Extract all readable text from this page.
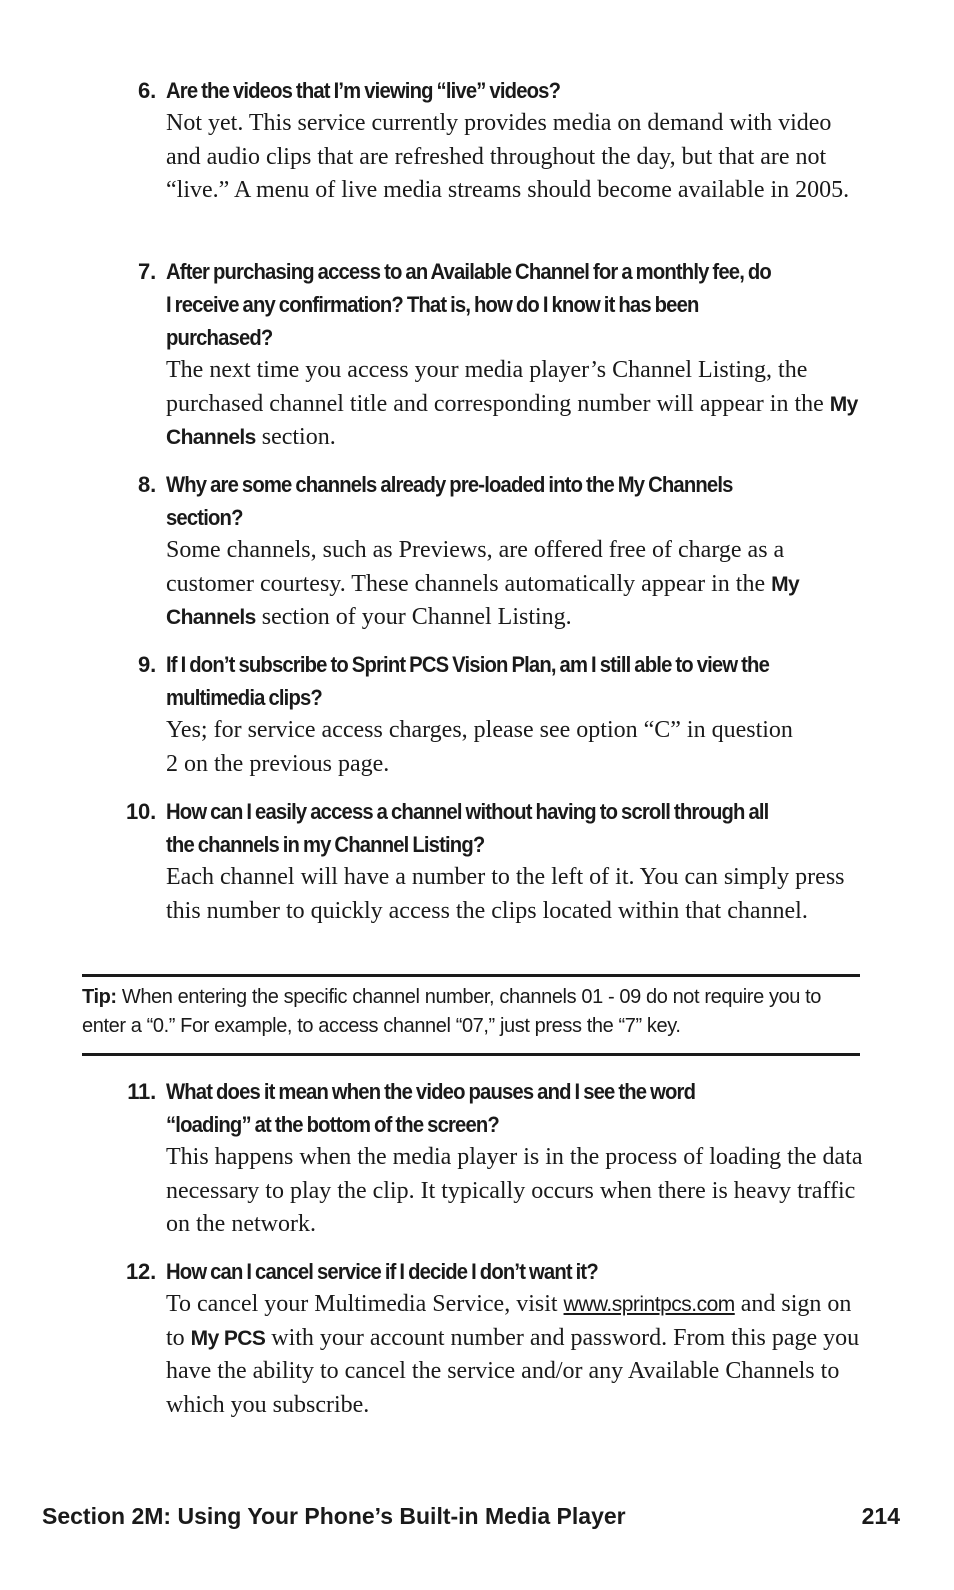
6. Are the videos that I’m viewing “live” videos?
Not yet. This service currently provides media on demand with video and audio clips that are refreshed throughout the day, but that are not “live.” A menu of live media streams should become available in 2005.
7. After purchasing access to an Available Channel for a monthly fee, do
I receive any confirmation? That is, how do I know it has been
purchased?
The next time you access your media player’s Channel Listing, the purchased channel title and corresponding number will appear in the My Channels section.
8. Why are some channels already pre-loaded into the My Channels
section?
Some channels, such as Previews, are offered free of charge as a customer courtesy. These channels automatically appear in the My Channels section of your Channel Listing.
9. If I don’t subscribe to Sprint PCS Vision Plan, am I still able to view the
multimedia clips?
Yes; for service access charges, please see option “C” in question 2 on the previous page.
10. How can I easily access a channel without having to scroll through all
the channels in my Channel Listing?
Each channel will have a number to the left of it. You can simply press this number to quickly access the clips located within that channel.
Tip: When entering the specific channel number, channels 01 - 09 do not require you to enter a “0.” For example, to access channel “07,” just press the “7” key.
11. What does it mean when the video pauses and I see the word
“loading” at the bottom of the screen?
This happens when the media player is in the process of loading the data necessary to play the clip. It typically occurs when there is heavy traffic on the network.
12. How can I cancel service if I decide I don’t want it?
To cancel your Multimedia Service, visit www.sprintpcs.com and sign on to My PCS with your account number and password. From this page you have the ability to cancel the service and/or any Available Channels to which you subscribe.
Section 2M: Using Your Phone’s Built-in Media Player	214
